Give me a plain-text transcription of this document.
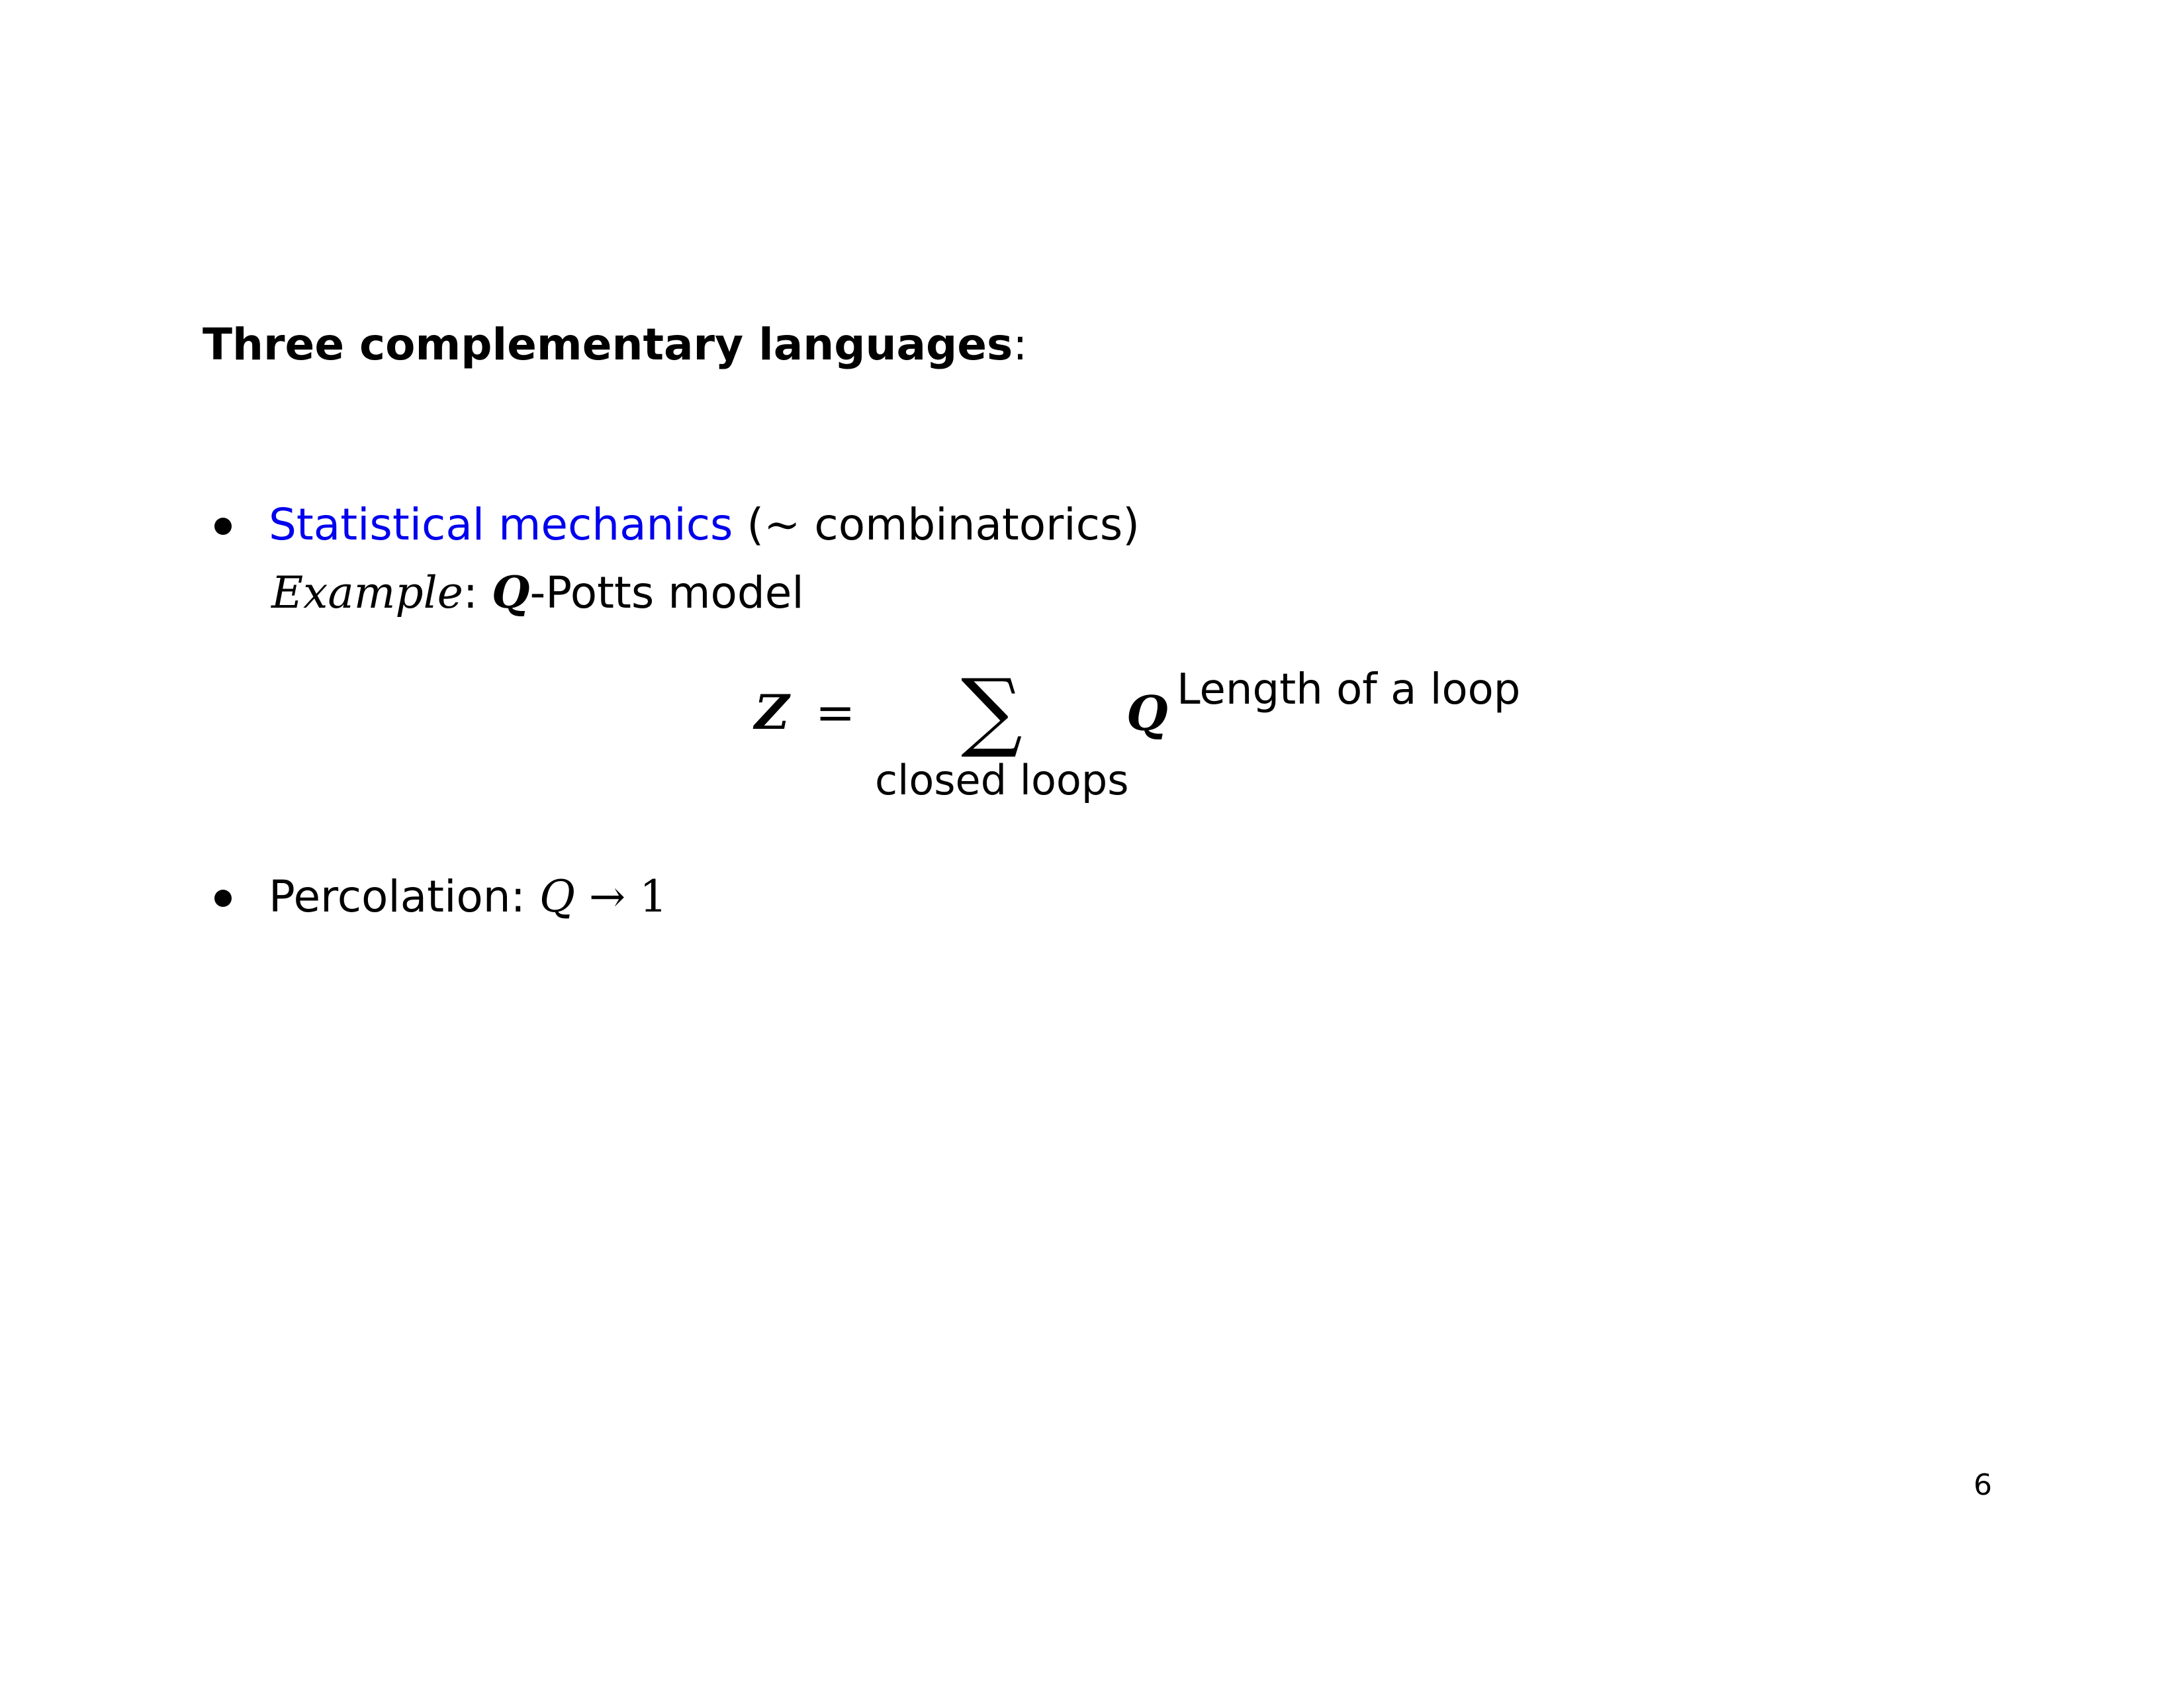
Three complementary languages:
Statistical mechanics (∼ combinatorics)
Example: Q-Potts model
Z = ∑
closed loops
Q Length of a loop
Percolation: Q → 1
6
